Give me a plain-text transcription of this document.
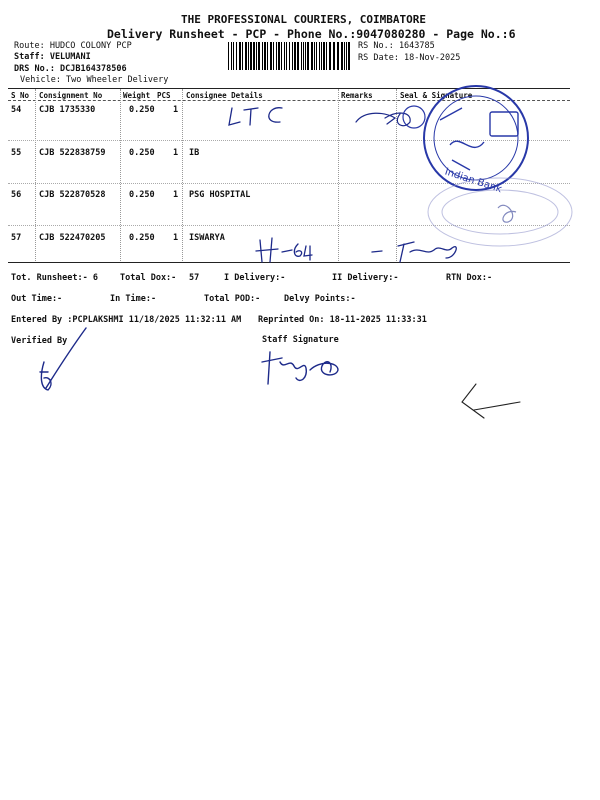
THE PROFESSIONAL COURIERS, COIMBATORE
Delivery Runsheet - PCP - Phone No.:9047080280 - Page No.:6
Route: HUDCO COLONY PCP
Staff: VELUMANI
DRS No.: DCJB164378506
Vehicle: Two Wheeler Delivery
RS No.: 1643785
RS Date: 18-Nov-2025
S No Consignment No	Weight PCS Consignee Details	Remarks	Seal & Signature
54 CJB 1735330	0.250 1
55 CJB 522838759	0.250 1 IB
56 CJB 522870528	0.250 1 PSG HOSPITAL
57 CJB 522470205	0.250 1 ISWARYA
Tot. Runsheet:- 6	Total Dox:- 57	I Delivery:-	II Delivery:-	RTN Dox:-
Out Time:-	In Time:-	Total POD:-	Delvy Points:-
Entered By :PCPLAKSHMI 11/18/2025 11:32:11 AM Reprinted On: 18-11-2025 11:33:31
Verified By	Staff Signature
Indian Bank
